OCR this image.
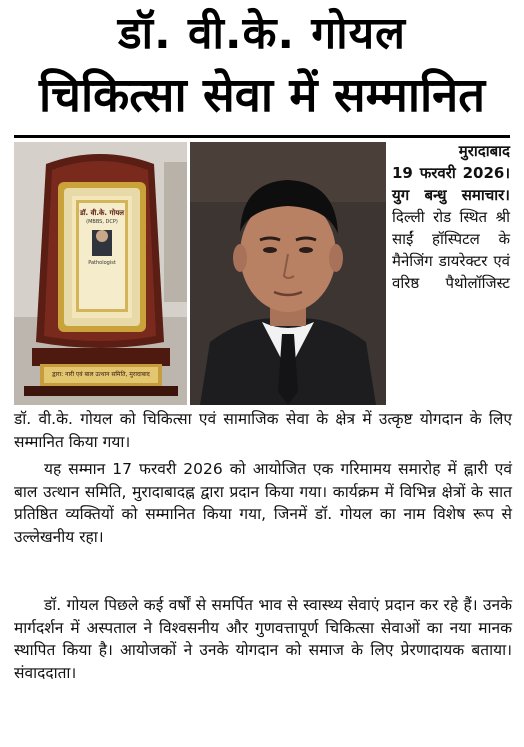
डॉ. वी.के. गोयल
चिकित्सा सेवा में सम्मानित
डॉ. वी.के. गोयल
(MBBS, DCP)
Pathologist
द्वारा: नारी एवं बाल उत्थान समिति, मुरादाबाद
मुरादाबाद
19 फरवरी 2026। युग बन्धु समाचार। दिल्ली रोड स्थित श्री साईं हॉस्पिटल के मैनेजिंग डायरेक्टर एवं वरिष्ठ पैथोलॉजिस्ट
डॉ. वी.के. गोयल को चिकित्सा एवं सामाजिक सेवा के क्षेत्र में उत्कृष्ट योगदान के लिए सम्मानित किया गया।
यह सम्मान 17 फरवरी 2026 को आयोजित एक गरिमामय समारोह में ह्नारी एवं बाल उत्थान समिति, मुरादाबादह्न द्वारा प्रदान किया गया। कार्यक्रम में विभिन्न क्षेत्रों के सात प्रतिष्ठित व्यक्तियों को सम्मानित किया गया, जिनमें डॉ. गोयल का नाम विशेष रूप से उल्लेखनीय रहा।
डॉ. गोयल पिछले कई वर्षों से समर्पित भाव से स्वास्थ्य सेवाएं प्रदान कर रहे हैं। उनके मार्गदर्शन में अस्पताल ने विश्वसनीय और गुणवत्तापूर्ण चिकित्सा सेवाओं का नया मानक स्थापित किया है। आयोजकों ने उनके योगदान को समाज के लिए प्रेरणादायक बताया। संवाददाता।
